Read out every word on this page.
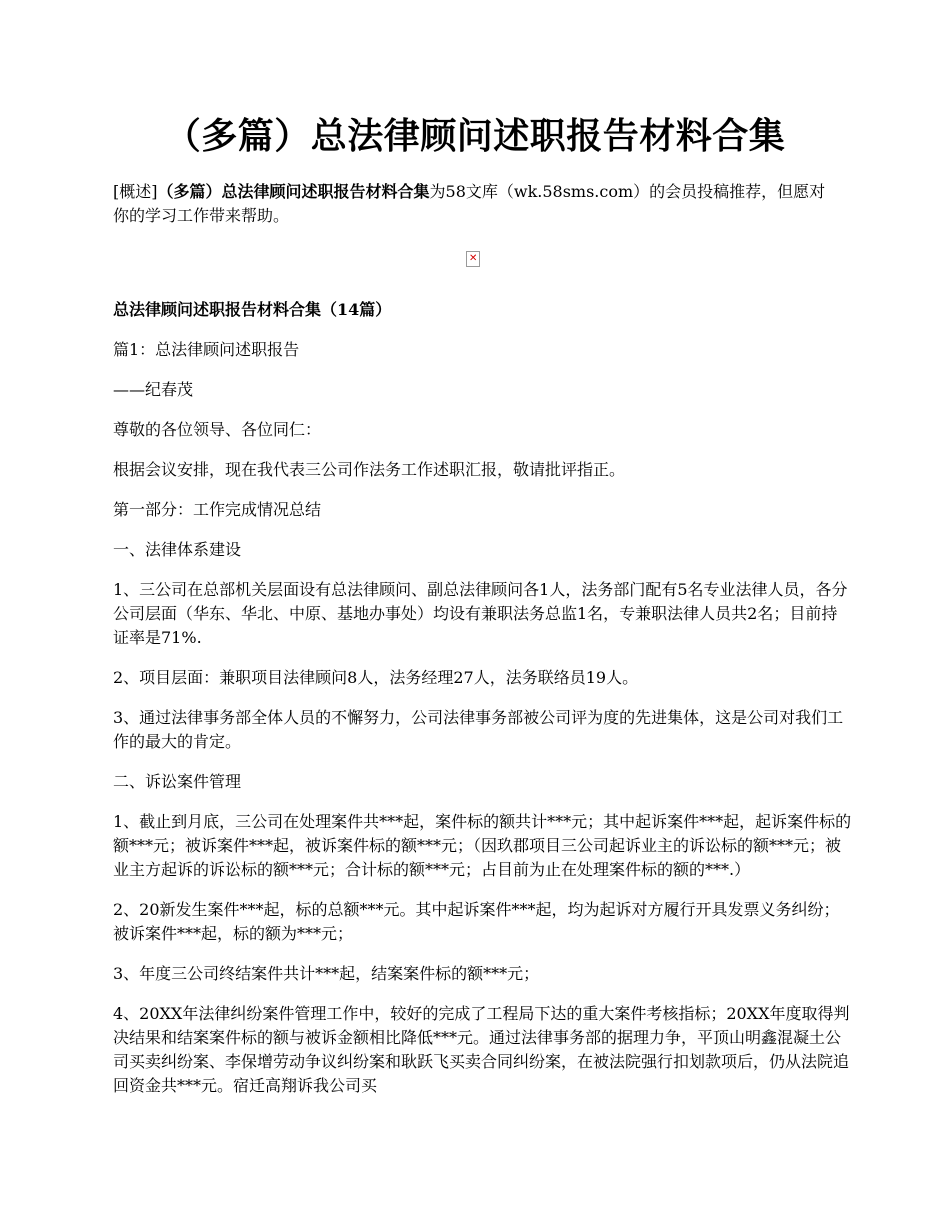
（多篇）总法律顾问述职报告材料合集

[概述]（多篇）总法律顾问述职报告材料合集为58文库（wk.58sms.com）的会员投稿推荐，但愿对你的学习工作带来帮助。

✕

总法律顾问述职报告材料合集（14篇）

篇1：总法律顾问述职报告

——纪春茂

尊敬的各位领导、各位同仁：

根据会议安排，现在我代表三公司作法务工作述职汇报，敬请批评指正。

第一部分：工作完成情况总结

一、法律体系建设

1、三公司在总部机关层面设有总法律顾问、副总法律顾问各1人，法务部门配有5名专业法律人员，各分公司层面（华东、华北、中原、基地办事处）均设有兼职法务总监1名，专兼职法律人员共2名；目前持证率是71%.

2、项目层面：兼职项目法律顾问8人，法务经理27人，法务联络员19人。

3、通过法律事务部全体人员的不懈努力，公司法律事务部被公司评为度的先进集体，这是公司对我们工作的最大的肯定。

二、诉讼案件管理

1、截止到月底，三公司在处理案件共***起，案件标的额共计***元；其中起诉案件***起，起诉案件标的额***元；被诉案件***起，被诉案件标的额***元；（因玖郡项目三公司起诉业主的诉讼标的额***元；被业主方起诉的诉讼标的额***元；合计标的额***元；占目前为止在处理案件标的额的***.）

2、20新发生案件***起，标的总额***元。其中起诉案件***起，均为起诉对方履行开具发票义务纠纷；被诉案件***起，标的额为***元；

3、年度三公司终结案件共计***起，结案案件标的额***元；

4、20XX年法律纠纷案件管理工作中，较好的完成了工程局下达的重大案件考核指标；20XX年度取得判决结果和结案案件标的额与被诉金额相比降低***元。通过法律事务部的据理力争，平顶山明鑫混凝土公司买卖纠纷案、李保增劳动争议纠纷案和耿跃飞买卖合同纠纷案，在被法院强行扣划款项后，仍从法院追回资金共***元。宿迁高翔诉我公司买
